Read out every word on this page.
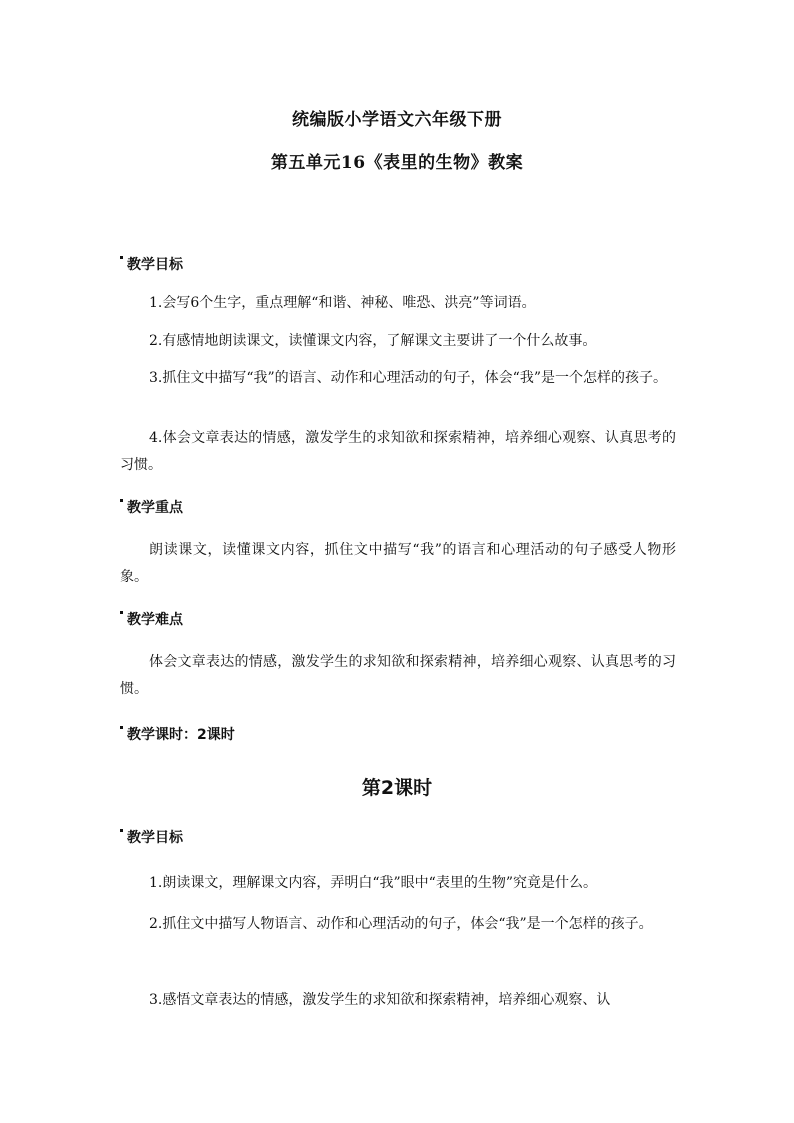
统编版小学语文六年级下册
第五单元16《表里的生物》教案
教学目标
1.会写6个生字，重点理解“和谐、神秘、唯恐、洪亮”等词语。
2.有感情地朗读课文，读懂课文内容，了解课文主要讲了一个什么故事。
3.抓住文中描写“我”的语言、动作和心理活动的句子，体会“我”是一个怎样的孩子。
4.体会文章表达的情感，激发学生的求知欲和探索精神，培养细心观察、认真思考的习惯。
教学重点
朗读课文，读懂课文内容，抓住文中描写“我”的语言和心理活动的句子感受人物形象。
教学难点
体会文章表达的情感，激发学生的求知欲和探索精神，培养细心观察、认真思考的习惯。
教学课时：2课时
第2课时
教学目标
1.朗读课文，理解课文内容，弄明白“我”眼中“表里的生物”究竟是什么。
2.抓住文中描写人物语言、动作和心理活动的句子，体会“我”是一个怎样的孩子。
3.感悟文章表达的情感，激发学生的求知欲和探索精神，培养细心观察、认
